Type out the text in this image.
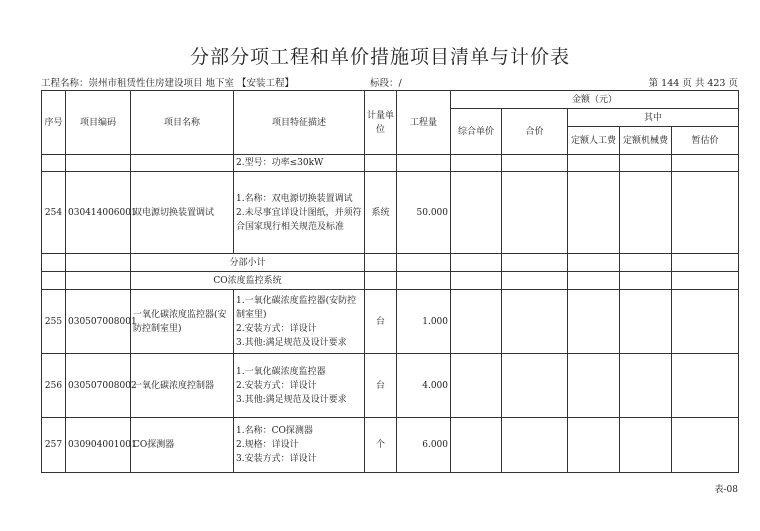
分部分项工程和单价措施项目清单与计价表
工程名称：崇州市租赁性住房建设项目 地下室 【安装工程】	标段：/	第 144 页 共 423 页
序号	项目编码	项目名称	项目特征描述	计量单位	工程量	金额（元）				
						综合单价	合价	其中		
								定额人工费	定额机械费	暂估价

			2.型号：功率≤30kW							

254	030414006001	双电源切换装置调试	1.名称：双电源切换装置调试
2.未尽事宜详设计图纸，并须符
合国家现行相关规范及标准	系统	50.000					
		分部小计								
		CO浓度监控系统								
255	030507008001	一氧化碳浓度监控器(安防控制室里)	1.一氧化碳浓度监控器(安防控
制室里)
2.安装方式：详设计
3.其他:满足规范及设计要求	台	1.000					
256	030507008002	一氧化碳浓度控制器	1.一氧化碳浓度监控器
2.安装方式：详设计
3.其他:满足规范及设计要求	台	4.000					
257	030904001001	CO探测器	1.名称：CO探测器
2.规格：详设计
3.安装方式：详设计	个	6.000					
表-08
